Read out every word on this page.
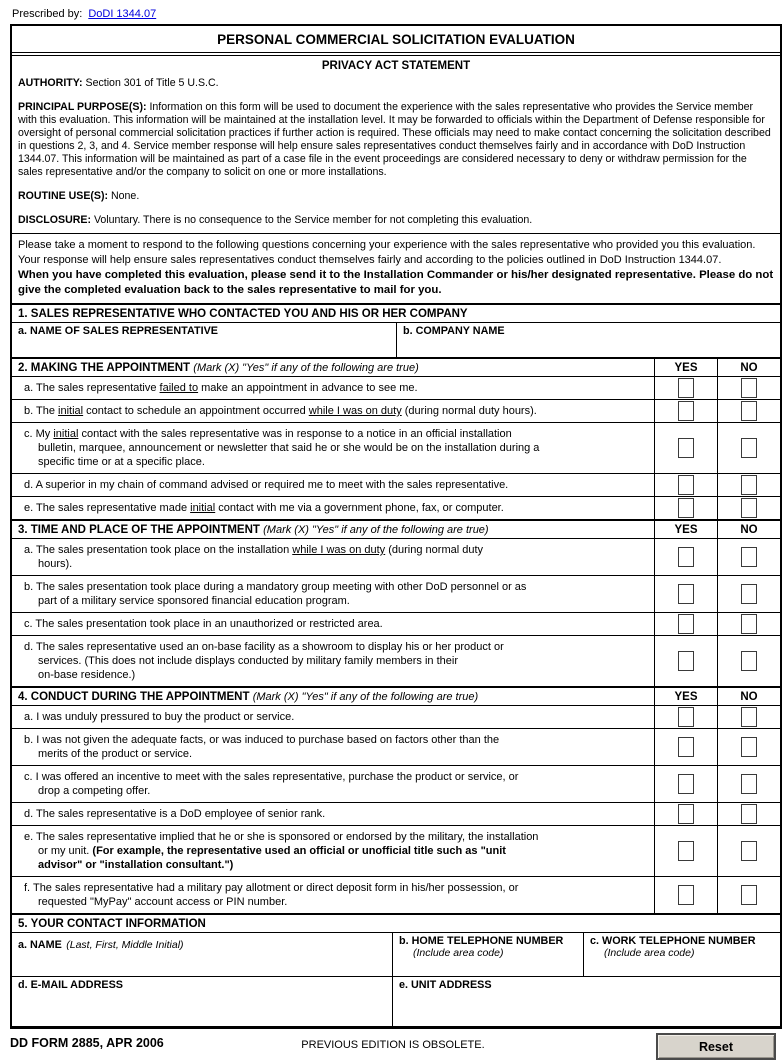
Prescribed by: DoDI 1344.07
PERSONAL COMMERCIAL SOLICITATION EVALUATION
PRIVACY ACT STATEMENT

AUTHORITY: Section 301 of Title 5 U.S.C.

PRINCIPAL PURPOSE(S): Information on this form will be used to document the experience with the sales representative who provides the Service member with this evaluation. This information will be maintained at the installation level. It may be forwarded to officials within the Department of Defense responsible for oversight of personal commercial solicitation practices if further action is required. These officials may need to make contact concerning the solicitation described in questions 2, 3, and 4. Service member response will help ensure sales representatives conduct themselves fairly and in accordance with DoD Instruction 1344.07. This information will be maintained as part of a case file in the event proceedings are considered necessary to deny or withdraw permission for the sales representative and/or the company to solicit on one or more installations.

ROUTINE USE(S): None.

DISCLOSURE: Voluntary. There is no consequence to the Service member for not completing this evaluation.

Please take a moment to respond to the following questions concerning your experience with the sales representative who provided you this evaluation. Your response will help ensure sales representatives conduct themselves fairly and according to the policies outlined in DoD Instruction 1344.07.
When you have completed this evaluation, please send it to the Installation Commander or his/her designated representative. Please do not give the completed evaluation back to the sales representative to mail for you.
1. SALES REPRESENTATIVE WHO CONTACTED YOU AND HIS OR HER COMPANY
a. NAME OF SALES REPRESENTATIVE	b. COMPANY NAME
2. MAKING THE APPOINTMENT (Mark (X) "Yes" if any of the following are true)	YES	NO
a. The sales representative failed to make an appointment in advance to see me.
b. The initial contact to schedule an appointment occurred while I was on duty (during normal duty hours).
c. My initial contact with the sales representative was in response to a notice in an official installation
bulletin, marquee, announcement or newsletter that said he or she would be on the installation during a
specific time or at a specific place.
d. A superior in my chain of command advised or required me to meet with the sales representative.
e. The sales representative made initial contact with me via a government phone, fax, or computer.
3. TIME AND PLACE OF THE APPOINTMENT (Mark (X) "Yes" if any of the following are true)	YES	NO
a. The sales presentation took place on the installation while I was on duty (during normal duty
hours).
b. The sales presentation took place during a mandatory group meeting with other DoD personnel or as
part of a military service sponsored financial education program.
c. The sales presentation took place in an unauthorized or restricted area.
d. The sales representative used an on-base facility as a showroom to display his or her product or
services. (This does not include displays conducted by military family members in their
on-base residence.)
4. CONDUCT DURING THE APPOINTMENT (Mark (X) "Yes" if any of the following are true)	YES	NO
a. I was unduly pressured to buy the product or service.
b. I was not given the adequate facts, or was induced to purchase based on factors other than the
merits of the product or service.
c. I was offered an incentive to meet with the sales representative, purchase the product or service, or
drop a competing offer.
d. The sales representative is a DoD employee of senior rank.
e. The sales representative implied that he or she is sponsored or endorsed by the military, the installation
or my unit. (For example, the representative used an official or unofficial title such as "unit
advisor" or "installation consultant.")
f. The sales representative had a military pay allotment or direct deposit form in his/her possession, or
requested "MyPay" account access or PIN number.
5. YOUR CONTACT INFORMATION
a. NAME (Last, First, Middle Initial)	b. HOME TELEPHONE NUMBER
(Include area code)
c. WORK TELEPHONE NUMBER
(Include area code)
d. E-MAIL ADDRESS	e. UNIT ADDRESS
DD FORM 2885, APR 2006	PREVIOUS EDITION IS OBSOLETE.	Reset
